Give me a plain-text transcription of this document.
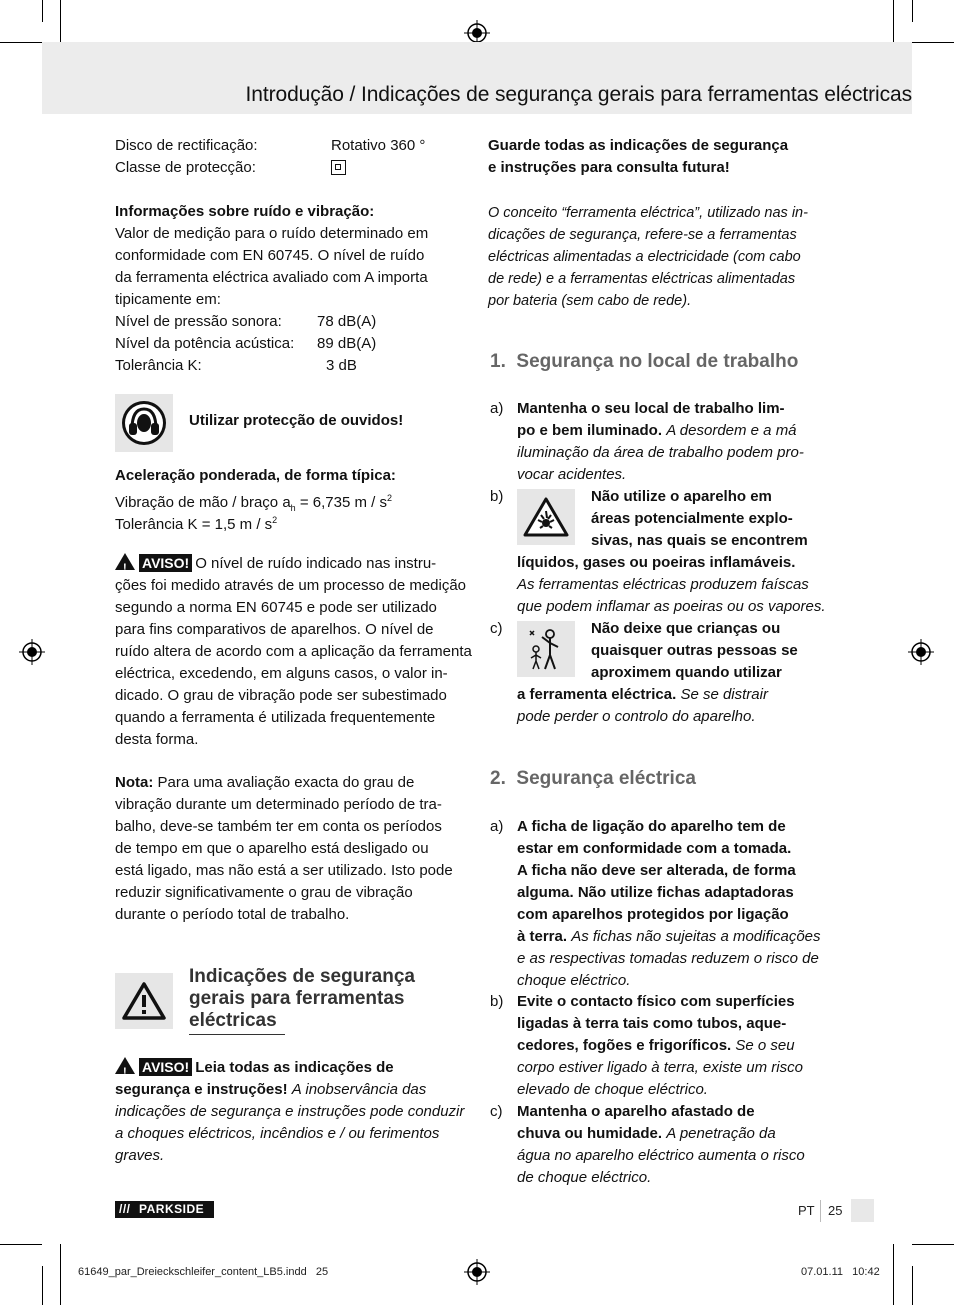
Introdução / Indicações de segurança gerais para ferramentas eléctricas
Disco de rectificação:	Rotativo 360 °
Classe de protecção:
Informações sobre ruído e vibração:
Valor de medição para o ruído determinado em
conformidade com EN 60745. O nível de ruído
da ferramenta eléctrica avaliado com A importa
tipicamente em:
Nível de pressão sonora: 78 dB(A)
Nível da potência acústica: 89 dB(A)
Tolerância K:	3 dB
Utilizar protecção de ouvidos!
Aceleração ponderada, de forma típica:
Vibração de mão / braço $a_h = 6,735$ m / $s^2$
Tolerância K = 1,5 m / $s^2$
! AVISO! O nível de ruído indicado nas instru-
ções foi medido através de um processo de medição
segundo a norma EN 60745 e pode ser utilizado
para fins comparativos de aparelhos. O nível de
ruído altera de acordo com a aplicação da ferramenta
eléctrica, excedendo, em alguns casos, o valor in-
dicado. O grau de vibração pode ser subestimado
quando a ferramenta é utilizada frequentemente
desta forma.
Nota: Para uma avaliação exacta do grau de
vibração durante um determinado período de tra-
balho, deve-se também ter em conta os períodos
de tempo em que o aparelho está desligado ou
está ligado, mas não está a ser utilizado. Isto pode
reduzir significativamente o grau de vibração
durante o período total de trabalho.
Indicações de segurança
gerais para ferramentas
eléctricas
! AVISO! Leia todas as indicações de
segurança e instruções! A inobservância das
indicações de segurança e instruções pode conduzir
a choques eléctricos, incêndios e / ou ferimentos
graves.
Guarde todas as indicações de segurança
e instruções para consulta futura!
O conceito “ferramenta eléctrica”, utilizado nas in-
dicações de segurança, refere-se a ferramentas
eléctricas alimentadas a electricidade (com cabo
de rede) e a ferramentas eléctricas alimentadas
por bateria (sem cabo de rede).
1. Segurança no local de trabalho
a) Mantenha o seu local de trabalho lim-
po e bem iluminado. A desordem e a má
iluminação da área de trabalho podem pro-
vocar acidentes.
b)	Não utilize o aparelho em
áreas potencialmente explo-
sivas, nas quais se encontrem
líquidos, gases ou poeiras inflamáveis.
As ferramentas eléctricas produzem faíscas
que podem inflamar as poeiras ou os vapores.
c)	Não deixe que crianças ou
quaisquer outras pessoas se
aproximem quando utilizar
a ferramenta eléctrica. Se se distrair
pode perder o controlo do aparelho.
2. Segurança eléctrica
a) A ficha de ligação do aparelho tem de
estar em conformidade com a tomada.
A ficha não deve ser alterada, de forma
alguma. Não utilize fichas adaptadoras
com aparelhos protegidos por ligação
à terra. As fichas não sujeitas a modificações
e as respectivas tomadas reduzem o risco de
choque eléctrico.
b) Evite o contacto físico com superfícies
ligadas à terra tais como tubos, aque-
cedores, fogões e frigoríficos. Se o seu
corpo estiver ligado à terra, existe um risco
elevado de choque eléctrico.
c) Mantenha o aparelho afastado de
chuva ou humidade. A penetração da
água no aparelho eléctrico aumenta o risco
de choque eléctrico.
/// PARKSIDE	PT 25
61649_par_Dreieckschleifer_content_LB5.indd   25	07.01.11   10:42
